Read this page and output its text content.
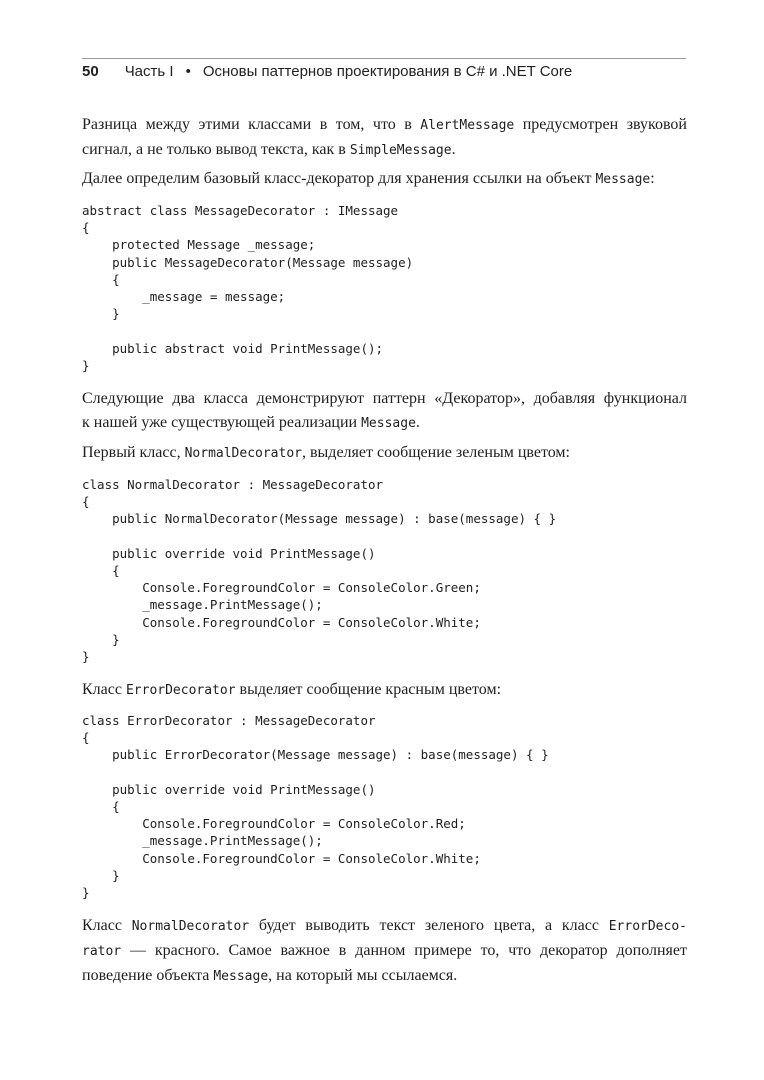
50 Часть I • Основы паттернов проектирования в C# и .NET Core
Разница между этими классами в том, что в AlertMessage предусмотрен звуковой
сигнал, а не только вывод текста, как в SimpleMessage.
Далее определим базовый класс-декоратор для хранения ссылки на объект Message:
abstract class MessageDecorator : IMessage
{
protected Message _message;
public MessageDecorator(Message message)
{
_message = message;
}
public abstract void PrintMessage();
}
Следующие два класса демонстрируют паттерн «Декоратор», добавляя функционал
к нашей уже существующей реализации Message.
Первый класс, NormalDecorator, выделяет сообщение зеленым цветом:
class NormalDecorator : MessageDecorator
{
public NormalDecorator(Message message) : base(message) { }
public override void PrintMessage()
{
Console.ForegroundColor = ConsoleColor.Green;
_message.PrintMessage();
Console.ForegroundColor = ConsoleColor.White;
}
}
Класс ErrorDecorator выделяет сообщение красным цветом:
class ErrorDecorator : MessageDecorator
{
public ErrorDecorator(Message message) : base(message) { }
public override void PrintMessage()
{
Console.ForegroundColor = ConsoleColor.Red;
_message.PrintMessage();
Console.ForegroundColor = ConsoleColor.White;
}
}
Класс NormalDecorator будет выводить текст зеленого цвета, а класс ErrorDeco-
rator — красного. Самое важное в данном примере то, что декоратор дополняет
поведение объекта Message, на который мы ссылаемся.
